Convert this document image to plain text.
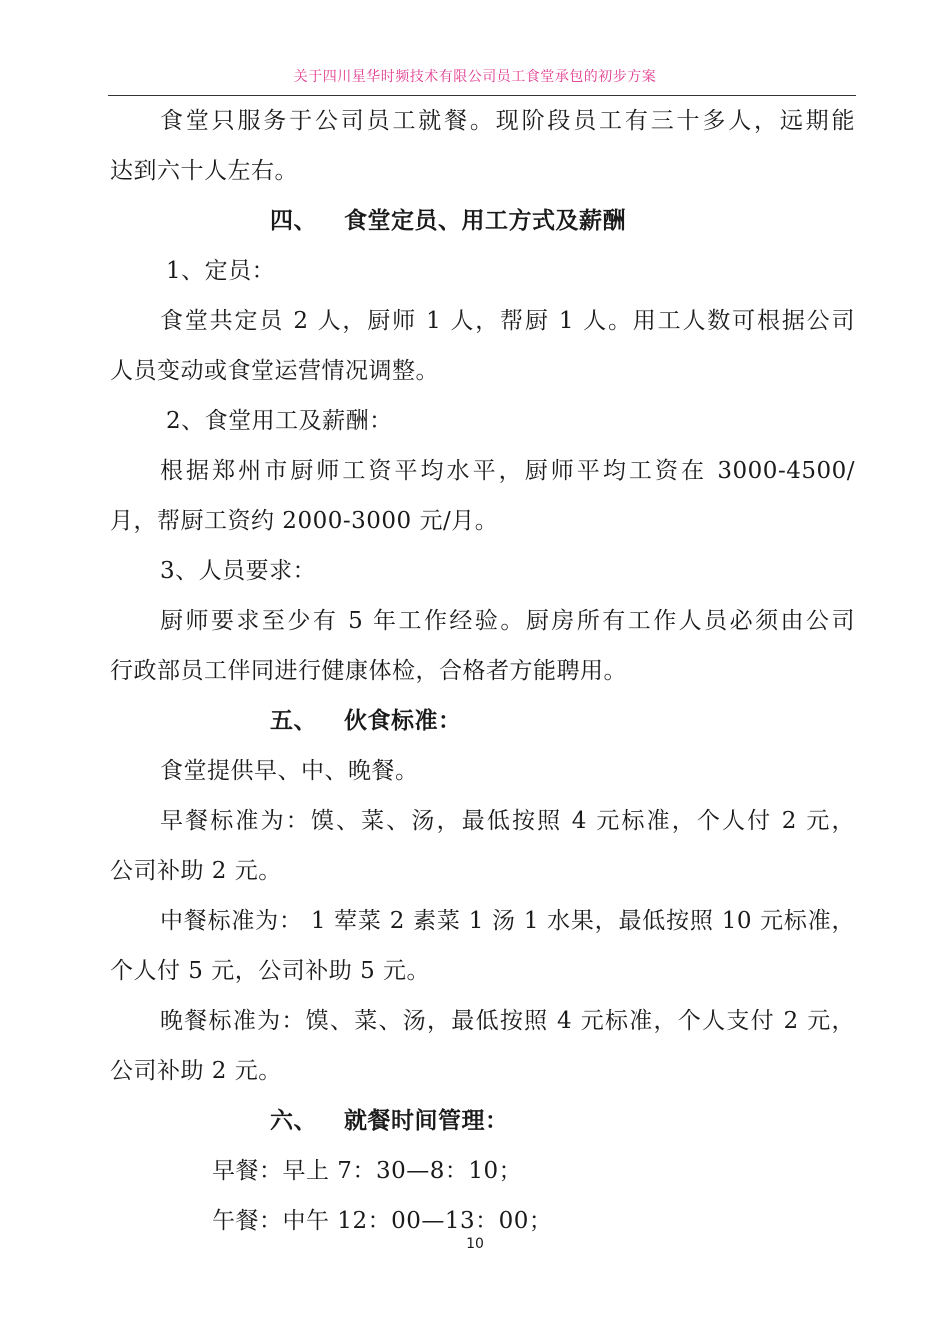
关于四川星华时频技术有限公司员工食堂承包的初步方案
食堂只服务于公司员工就餐。现阶段员工有三十多人，远期能
达到六十人左右。
四、 食堂定员、用工方式及薪酬
1、定员：
食堂共定员 2 人，厨师 1 人，帮厨 1 人。用工人数可根据公司
人员变动或食堂运营情况调整。
2、食堂用工及薪酬：
根据郑州市厨师工资平均水平，厨师平均工资在 3000-4500/
月，帮厨工资约 2000-3000 元/月。
3、人员要求：
厨师要求至少有 5 年工作经验。厨房所有工作人员必须由公司
行政部员工伴同进行健康体检，合格者方能聘用。
五、 伙食标准：
食堂提供早、中、晚餐。
早餐标准为：馍、菜、汤，最低按照 4 元标准，个人付 2 元，
公司补助 2 元。
中餐标准为： 1 荤菜 2 素菜 1 汤 1 水果，最低按照 10 元标准，
个人付 5 元，公司补助 5 元。
晚餐标准为：馍、菜、汤，最低按照 4 元标准，个人支付 2 元，
公司补助 2 元。
六、 就餐时间管理：
早餐：早上 7：30—8：10；
午餐：中午 12：00—13：00；
10
